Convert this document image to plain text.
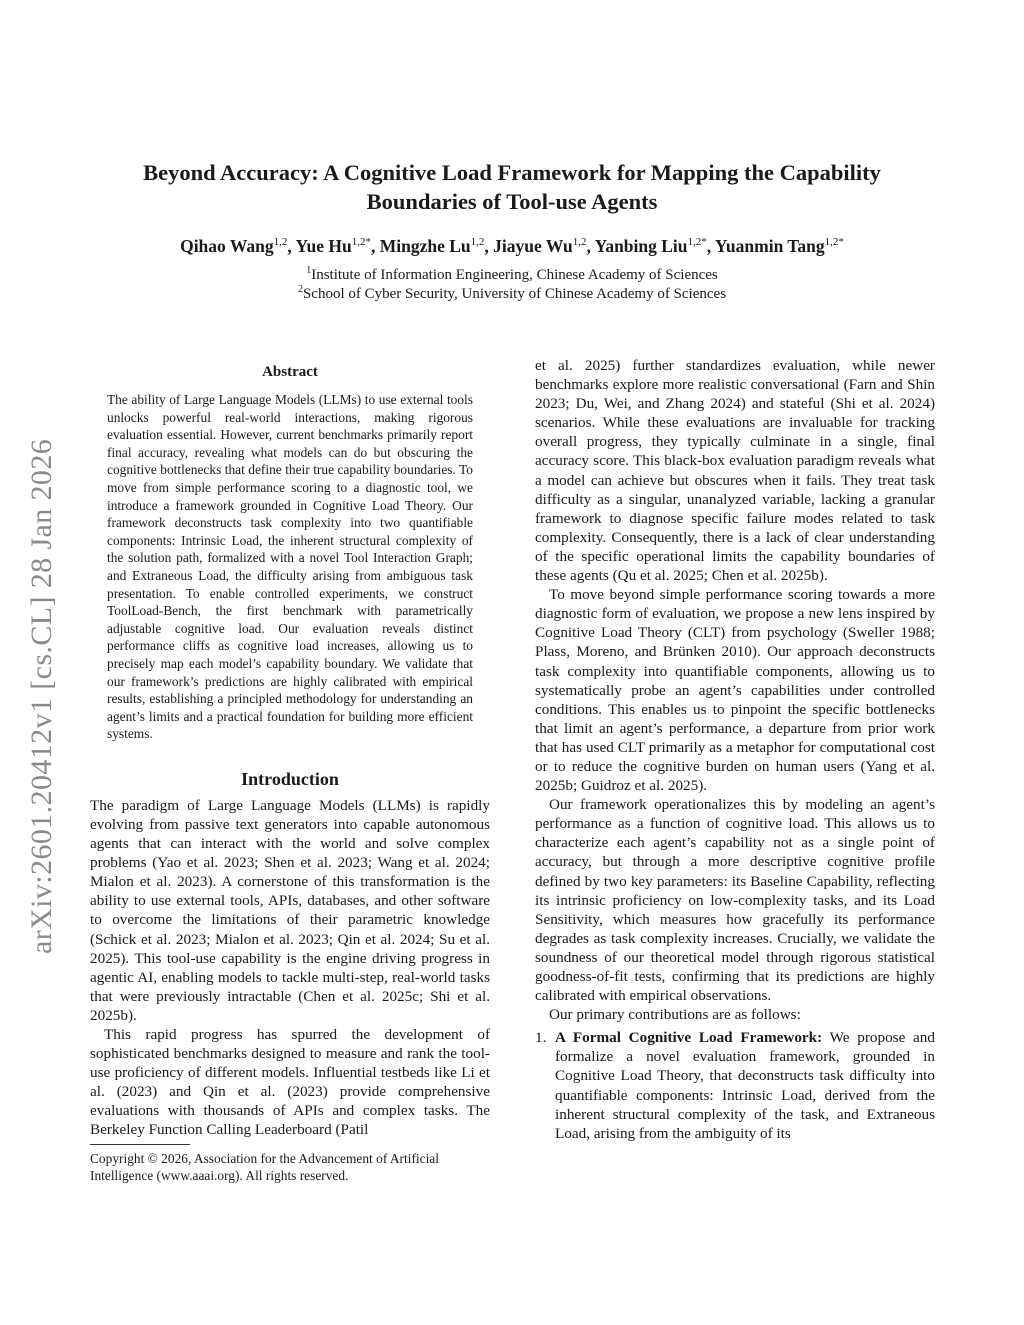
Beyond Accuracy: A Cognitive Load Framework for Mapping the Capability
Boundaries of Tool-use Agents
Qihao Wang$^{1,2}$, Yue $Hu^{1,2*}$, Mingzhe Lu$^{1,2}$, Jiayue Wu$^{1,2}$, Yanbing Liu$^{1,2*}$, Yuanmin Tang$^{1,2*}$
$^1$Institute of Information Engineering, Chinese Academy of Sciences
$^2$School of Cyber Security, University of Chinese Academy of Sciences
arXiv:2601.20412v1 [cs.CL] 28 Jan 2026
Abstract

The ability of Large Language Models (LLMs) to use external tools unlocks powerful real-world interactions, making rigorous evaluation essential. However, current benchmarks primarily report final accuracy, revealing what models can do but obscuring the cognitive bottlenecks that define their true capability boundaries. To move from simple performance scoring to a diagnostic tool, we introduce a framework grounded in Cognitive Load Theory. Our framework deconstructs task complexity into two quantifiable components: Intrinsic Load, the inherent structural complexity of the solution path, formalized with a novel Tool Interaction Graph; and Extraneous Load, the difficulty arising from ambiguous task presentation. To enable controlled experiments, we construct ToolLoad-Bench, the first benchmark with parametrically adjustable cognitive load. Our evaluation reveals distinct performance cliffs as cognitive load increases, allowing us to precisely map each model’s capability boundary. We validate that our framework’s predictions are highly calibrated with empirical results, establishing a principled methodology for understanding an agent’s limits and a practical foundation for building more efficient systems.

Introduction

The paradigm of Large Language Models (LLMs) is rapidly evolving from passive text generators into capable autonomous agents that can interact with the world and solve complex problems (Yao et al. 2023; Shen et al. 2023; Wang et al. 2024; Mialon et al. 2023). A cornerstone of this transformation is the ability to use external tools, APIs, databases, and other software to overcome the limitations of their parametric knowledge (Schick et al. 2023; Mialon et al. 2023; Qin et al. 2024; Su et al. 2025). This tool-use capability is the engine driving progress in agentic AI, enabling models to tackle multi-step, real-world tasks that were previously intractable (Chen et al. 2025c; Shi et al. 2025b).

This rapid progress has spurred the development of sophisticated benchmarks designed to measure and rank the tool-use proficiency of different models. Influential testbeds like Li et al. (2023) and Qin et al. (2023) provide comprehensive evaluations with thousands of APIs and complex tasks. The Berkeley Function Calling Leaderboard (Patil

Copyright © 2026, Association for the Advancement of Artificial Intelligence (www.aaai.org). All rights reserved.

et al. 2025) further standardizes evaluation, while newer benchmarks explore more realistic conversational (Farn and Shin 2023; Du, Wei, and Zhang 2024) and stateful (Shi et al. 2024) scenarios. While these evaluations are invaluable for tracking overall progress, they typically culminate in a single, final accuracy score. This black-box evaluation paradigm reveals what a model can achieve but obscures when it fails. They treat task difficulty as a singular, unanalyzed variable, lacking a granular framework to diagnose specific failure modes related to task complexity. Consequently, there is a lack of clear understanding of the specific operational limits the capability boundaries of these agents (Qu et al. 2025; Chen et al. 2025b).

To move beyond simple performance scoring towards a more diagnostic form of evaluation, we propose a new lens inspired by Cognitive Load Theory (CLT) from psychology (Sweller 1988; Plass, Moreno, and Brünken 2010). Our approach deconstructs task complexity into quantifiable components, allowing us to systematically probe an agent’s capabilities under controlled conditions. This enables us to pinpoint the specific bottlenecks that limit an agent’s performance, a departure from prior work that has used CLT primarily as a metaphor for computational cost or to reduce the cognitive burden on human users (Yang et al. 2025b; Guidroz et al. 2025).

Our framework operationalizes this by modeling an agent’s performance as a function of cognitive load. This allows us to characterize each agent’s capability not as a single point of accuracy, but through a more descriptive cognitive profile defined by two key parameters: its Baseline Capability, reflecting its intrinsic proficiency on low-complexity tasks, and its Load Sensitivity, which measures how gracefully its performance degrades as task complexity increases. Crucially, we validate the soundness of our theoretical model through rigorous statistical goodness-of-fit tests, confirming that its predictions are highly calibrated with empirical observations.

Our primary contributions are as follows:

1. A Formal Cognitive Load Framework: We propose and formalize a novel evaluation framework, grounded in Cognitive Load Theory, that deconstructs task difficulty into quantifiable components: Intrinsic Load, derived from the inherent structural complexity of the task, and Extraneous Load, arising from the ambiguity of its
